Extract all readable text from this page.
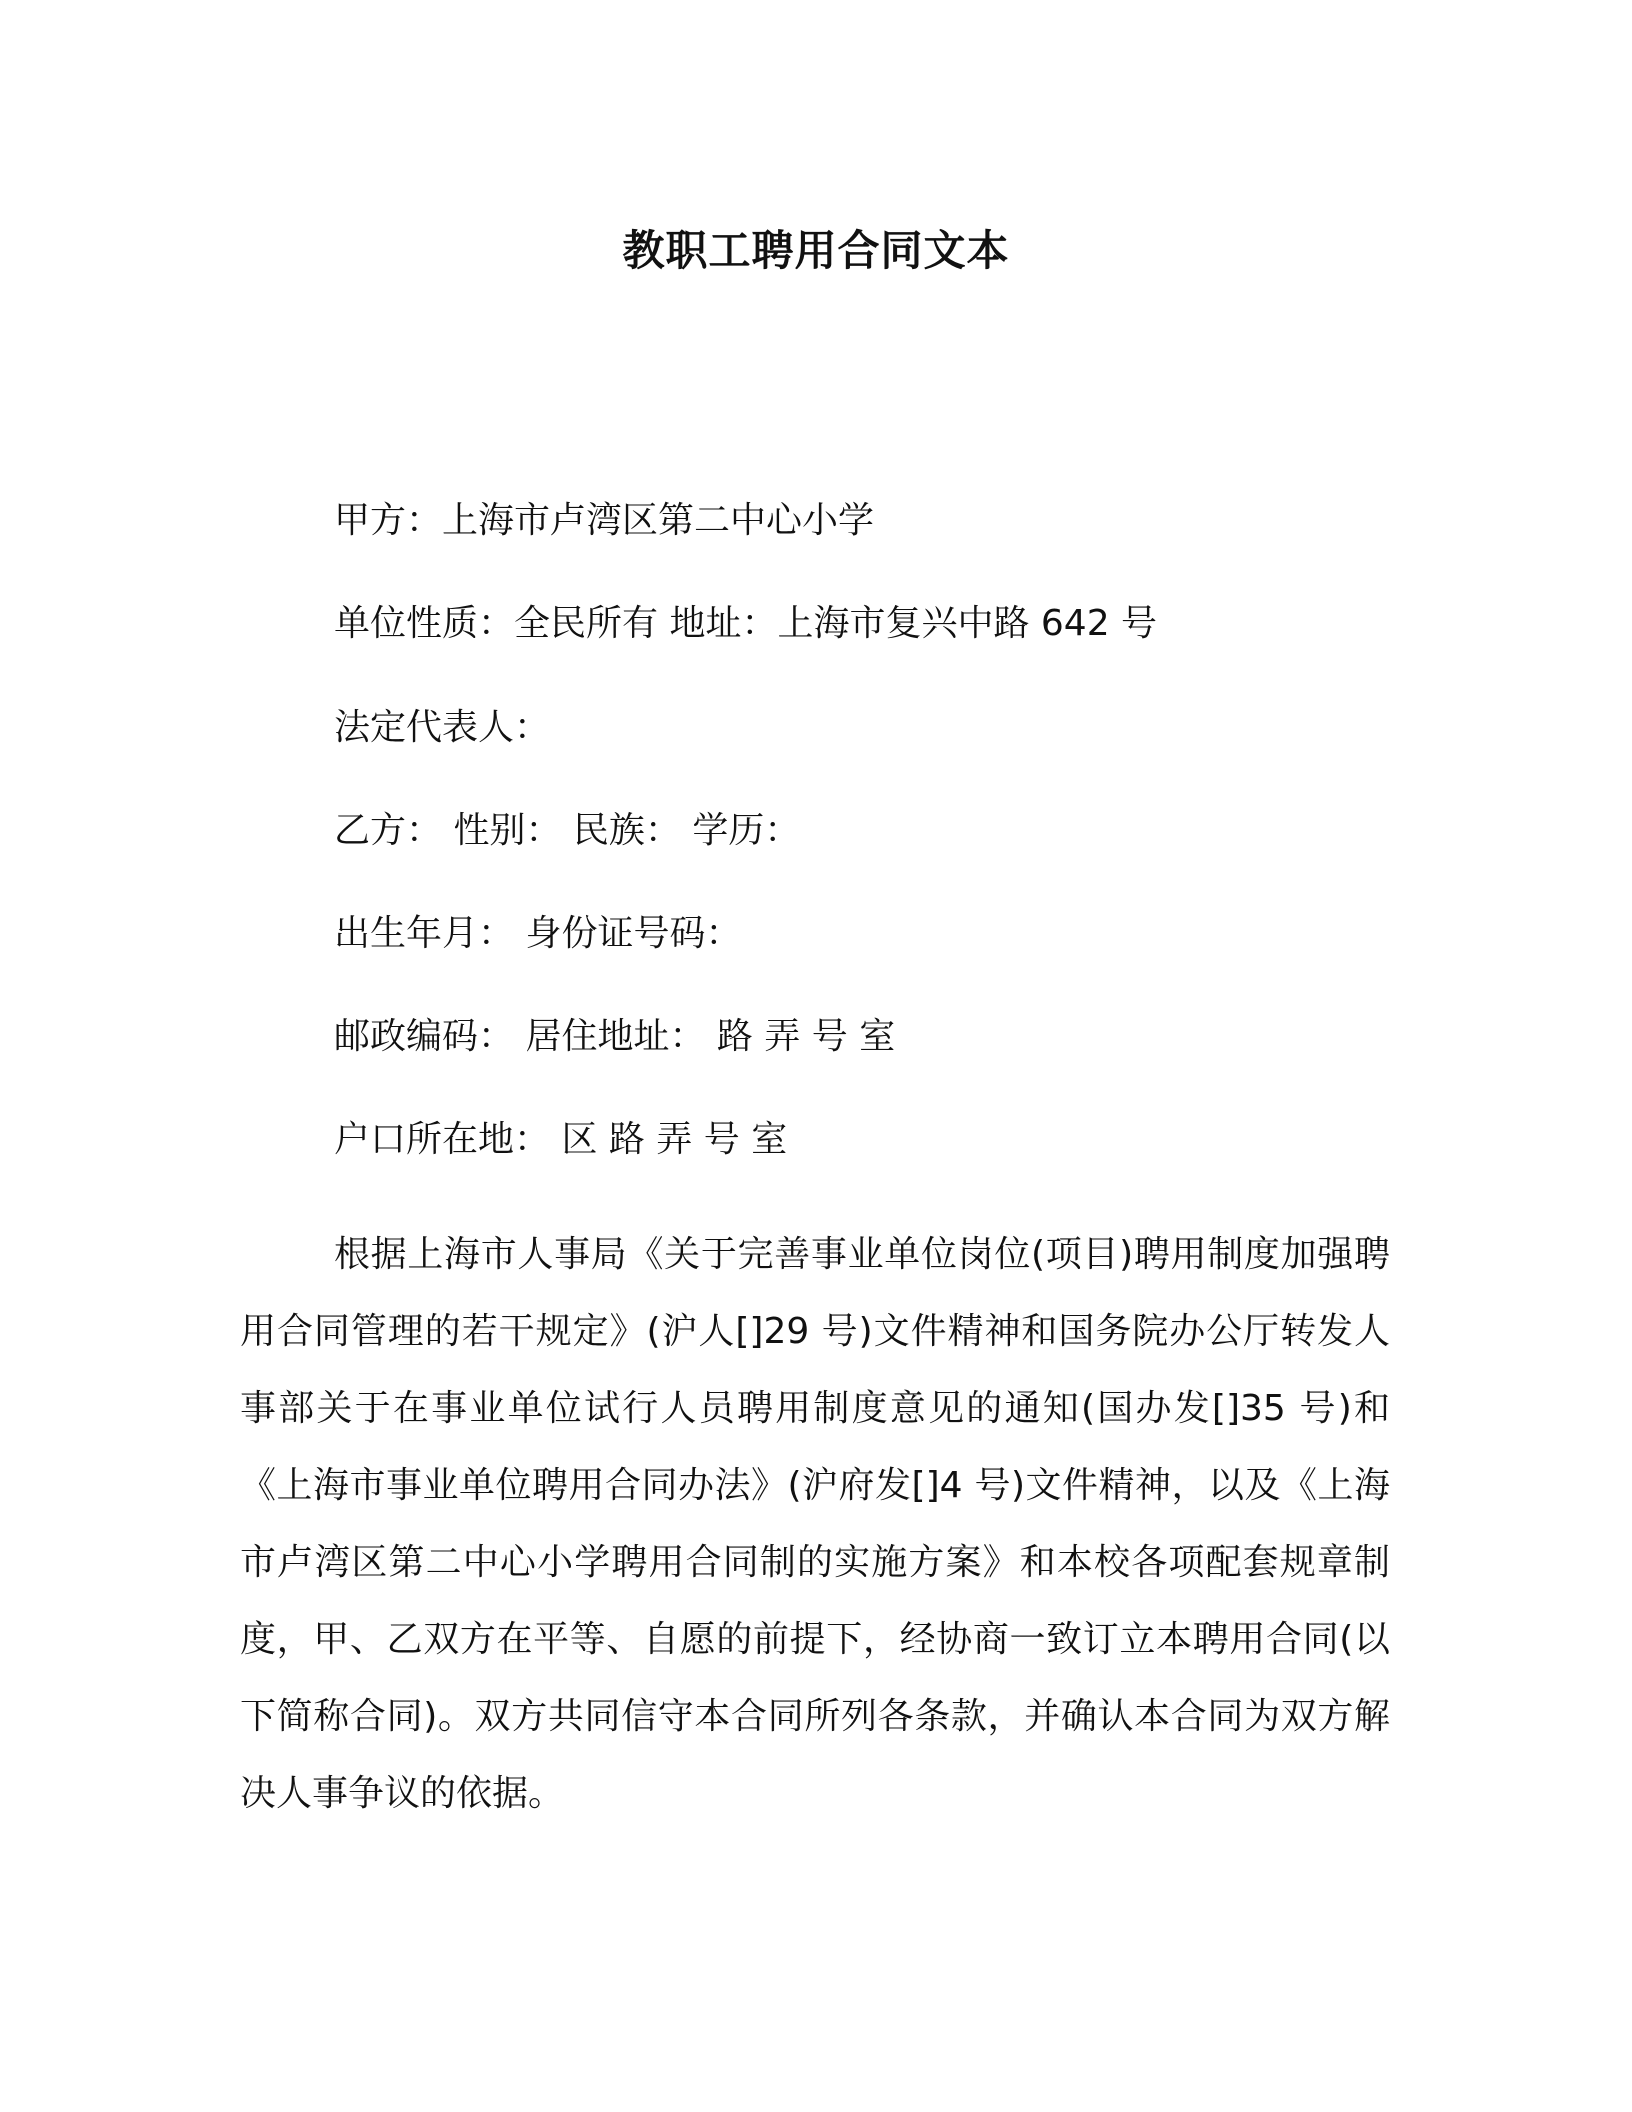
教职工聘用合同文本

甲方：上海市卢湾区第二中心小学

单位性质：全民所有 地址：上海市复兴中路 642 号

法定代表人：

乙方： 性别： 民族： 学历：

出生年月： 身份证号码：

邮政编码： 居住地址： 路 弄 号 室

户口所在地： 区 路 弄 号 室

根据上海市人事局《关于完善事业单位岗位(项目)聘用制度加强聘用合同管理的若干规定》(沪人[]29 号)文件精神和国务院办公厅转发人事部关于在事业单位试行人员聘用制度意见的通知(国办发[]35 号)和《上海市事业单位聘用合同办法》(沪府发[]4 号)文件精神，以及《上海市卢湾区第二中心小学聘用合同制的实施方案》和本校各项配套规章制度，甲、乙双方在平等、自愿的前提下，经协商一致订立本聘用合同(以下简称合同)。双方共同信守本合同所列各条款，并确认本合同为双方解决人事争议的依据。
